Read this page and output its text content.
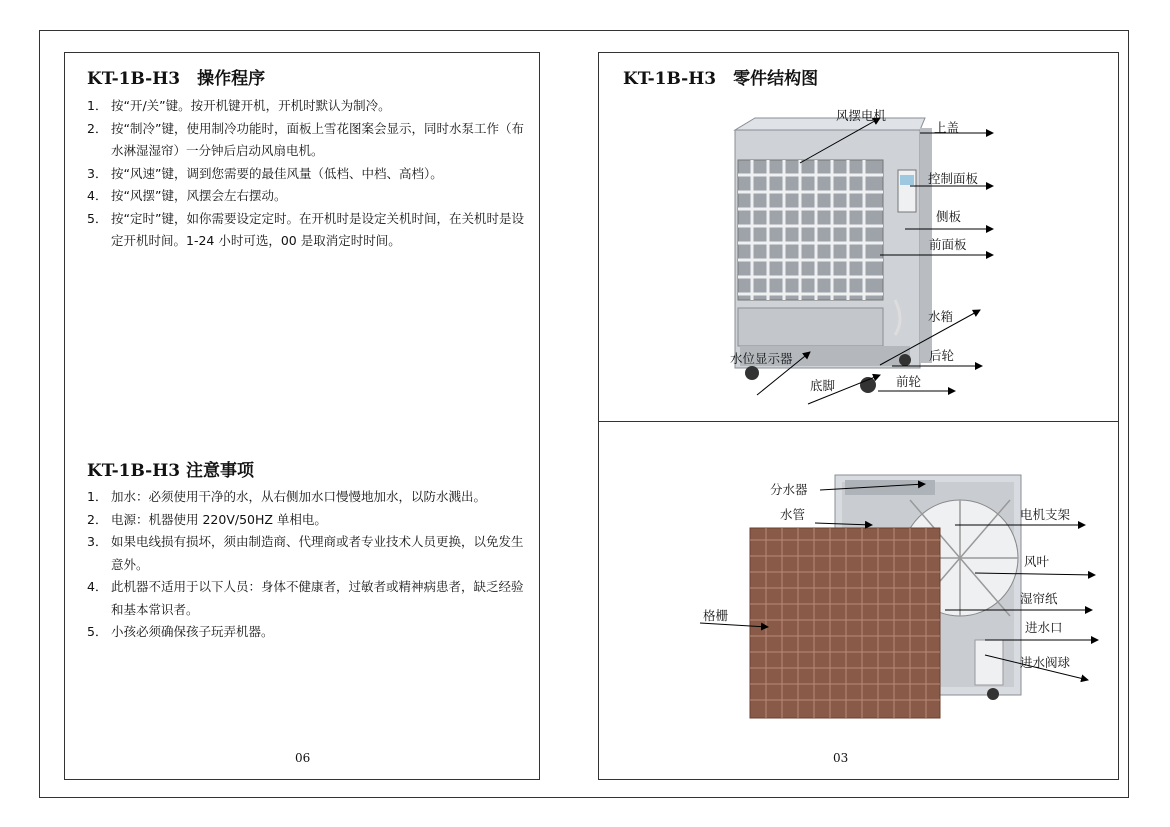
KT-1B-H3　操作程序
1． 按“开/关”键。按开机键开机，开机时默认为制冷。
2． 按“制冷”键，使用制冷功能时，面板上雪花图案会显示，同时水泵工作（布水淋湿湿帘）一分钟后启动风扇电机。
3． 按“风速”键，调到您需要的最佳风量（低档、中档、高档）。
4． 按“风摆”键，风摆会左右摆动。
5． 按“定时”键，如你需要设定定时。在开机时是设定关机时间，在关机时是设定开机时间。1-24 小时可选，00 是取消定时时间。
KT-1B-H3 注意事项
1． 加水：必须使用干净的水，从右侧加水口慢慢地加水，以防水溅出。
2． 电源：机器使用 220V/50HZ 单相电。
3． 如果电线损有损坏，须由制造商、代理商或者专业技术人员更换，以免发生意外。
4． 此机器不适用于以下人员：身体不健康者，过敏者或精神病患者，缺乏经验和基本常识者。
5． 小孩必须确保孩子玩弄机器。
06
KT-1B-H3　零件结构图
风摆电机
上盖
控制面板
侧板
前面板
水箱
水位显示器	后轮
底脚	前轮
分水器
水管	电机支架
风叶
湿帘纸
进水口
进水阀球
格栅
03
